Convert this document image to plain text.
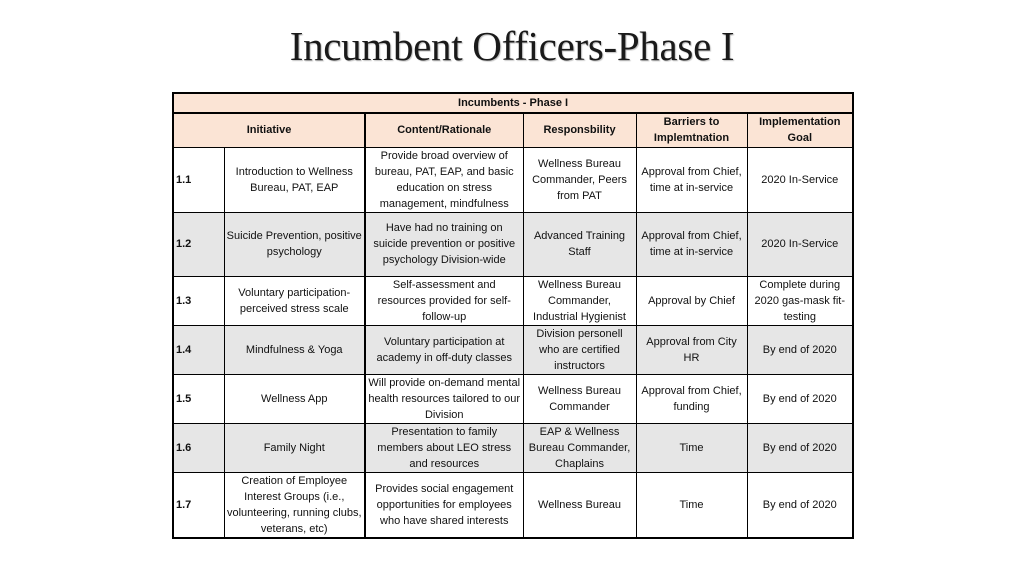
Incumbent Officers-Phase I
Incumbents - Phase I					
Initiative		Content/Rationale	Responsbility	Barriers to Implemtnation	Implementation Goal
1.1	Introduction to Wellness Bureau, PAT, EAP	Provide broad overview of bureau, PAT, EAP, and basic education on stress management, mindfulness	Wellness Bureau Commander, Peers from PAT	Approval from Chief, time at in-service	2020 In-Service
1.2	Suicide Prevention, positive psychology	Have had no training on suicide prevention or positive psychology Division-wide	Advanced Training Staff	Approval from Chief, time at in-service	2020 In-Service
1.3	Voluntary participation- perceived stress scale	Self-assessment and resources provided for self-follow-up	Wellness Bureau Commander, Industrial Hygienist	Approval by Chief	Complete during 2020 gas-mask fit-testing
1.4	Mindfulness & Yoga	Voluntary participation at academy in off-duty classes	Division personell who are certified instructors	Approval from City HR	By end of 2020
1.5	Wellness App	Will provide on-demand mental health resources tailored to our Division	Wellness Bureau Commander	Approval from Chief, funding	By end of 2020
1.6	Family Night	Presentation to family members about LEO stress and resources	EAP & Wellness Bureau Commander, Chaplains	Time	By end of 2020
1.7	Creation of Employee Interest Groups (i.e., volunteering, running clubs, veterans, etc)	Provides social engagement opportunities for employees who have shared interests	Wellness Bureau	Time	By end of 2020
